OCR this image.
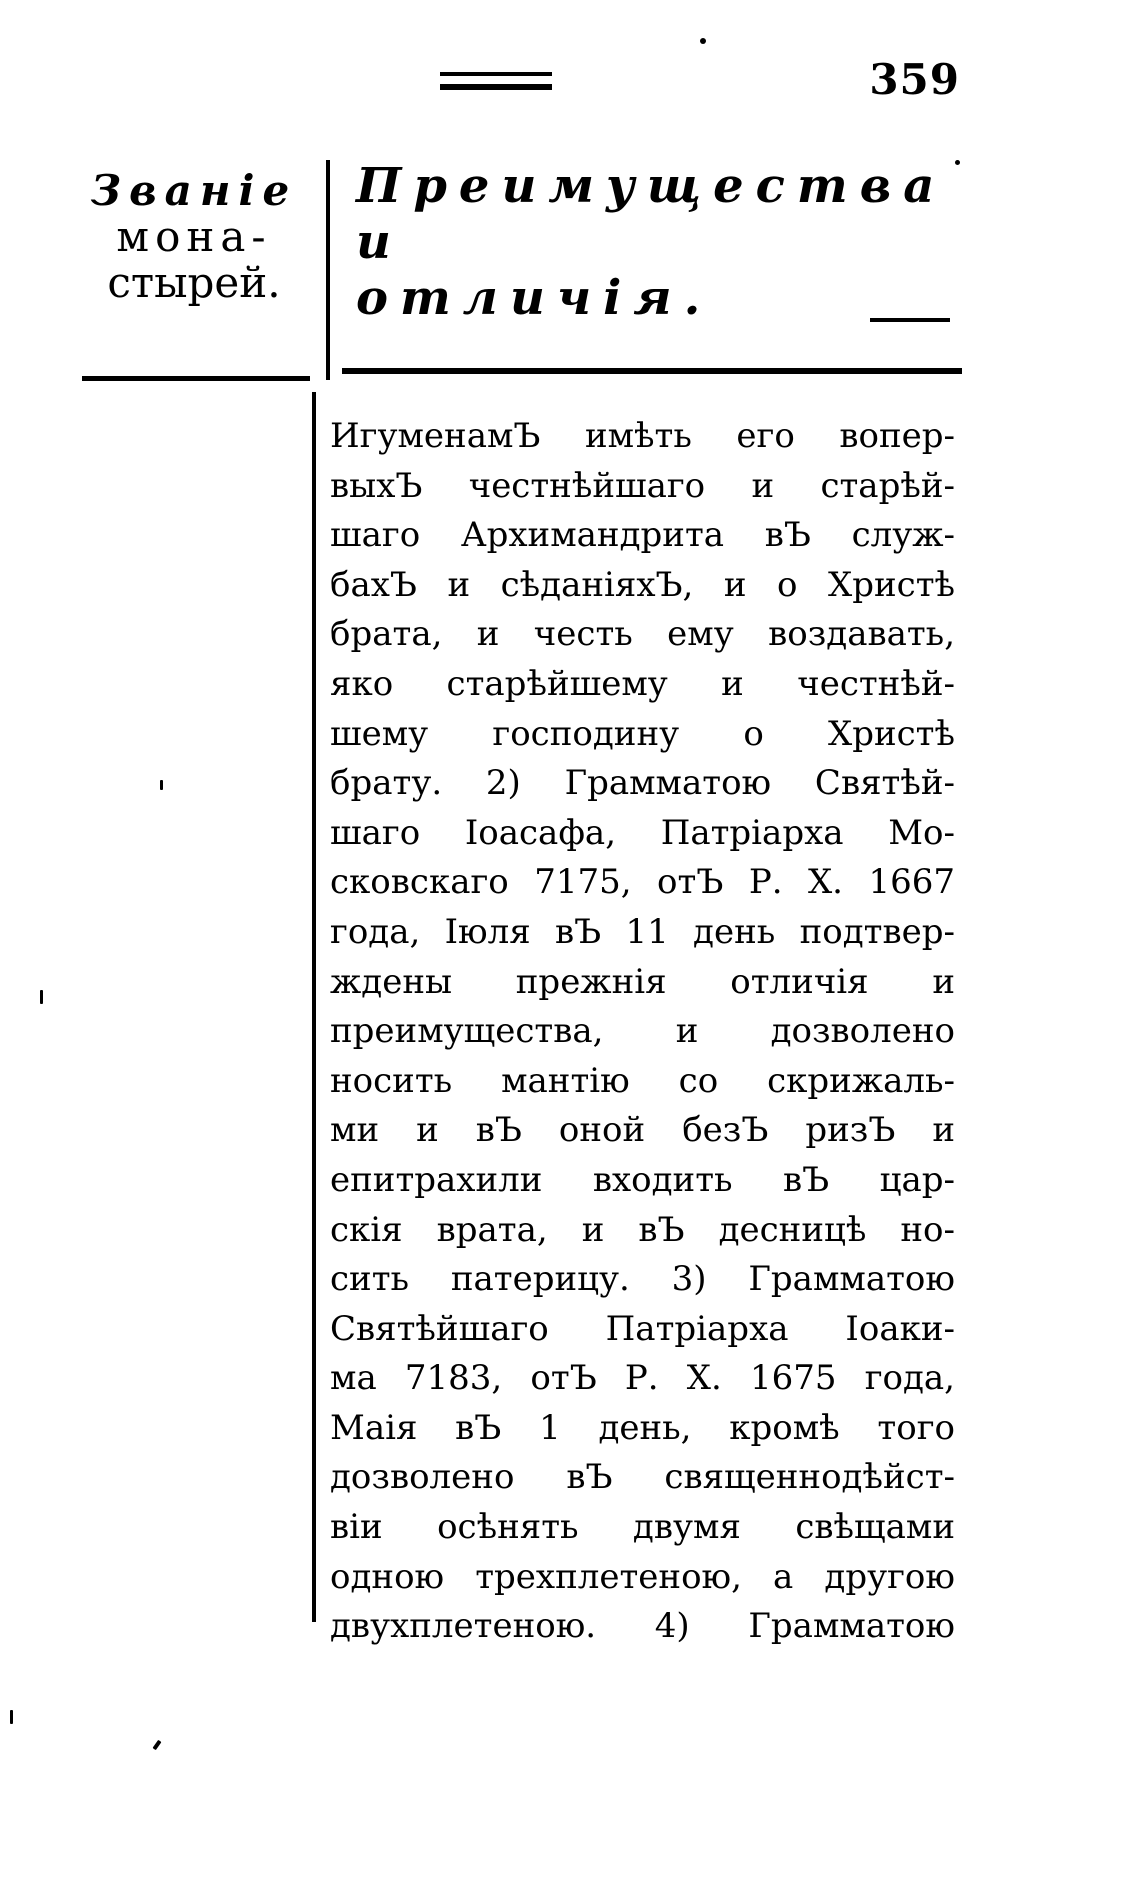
359
Званіе
мона-
стырей.
Преимущества и
отличія.
ИгуменамЪ имѣть его вопер-
выхЪ честнѣйшаго и старѣй-
шаго Архимандрита вЪ служ-
бахЪ и сѣданіяхЪ, и о Христѣ
брата, и честь ему воздавать,
яко старѣйшему и честнѣй-
шему господину о Христѣ
брату. 2) Грамматою Святѣй-
шаго Іоасафа, Патріарха Мо-
сковскаго 7175, отЪ Р. Х. 1667
года, Іюля вЪ 11 день подтвер-
ждены прежнія отличія и
преимущества, и дозволено
носить мантію со скрижаль-
ми и вЪ оной безЪ ризЪ и
епитрахили входить вЪ цар-
скія врата, и вЪ десницѣ но-
сить патерицу. 3) Грамматою
Святѣйшаго Патріарха Іоаки-
ма 7183, отЪ Р. Х. 1675 года,
Маія вЪ 1 день, кромѣ того
дозволено вЪ священнодѣйст-
віи осѣнять двумя свѣщами
одною трехплетеною, а другою
двухплетеною. 4) Грамматою
